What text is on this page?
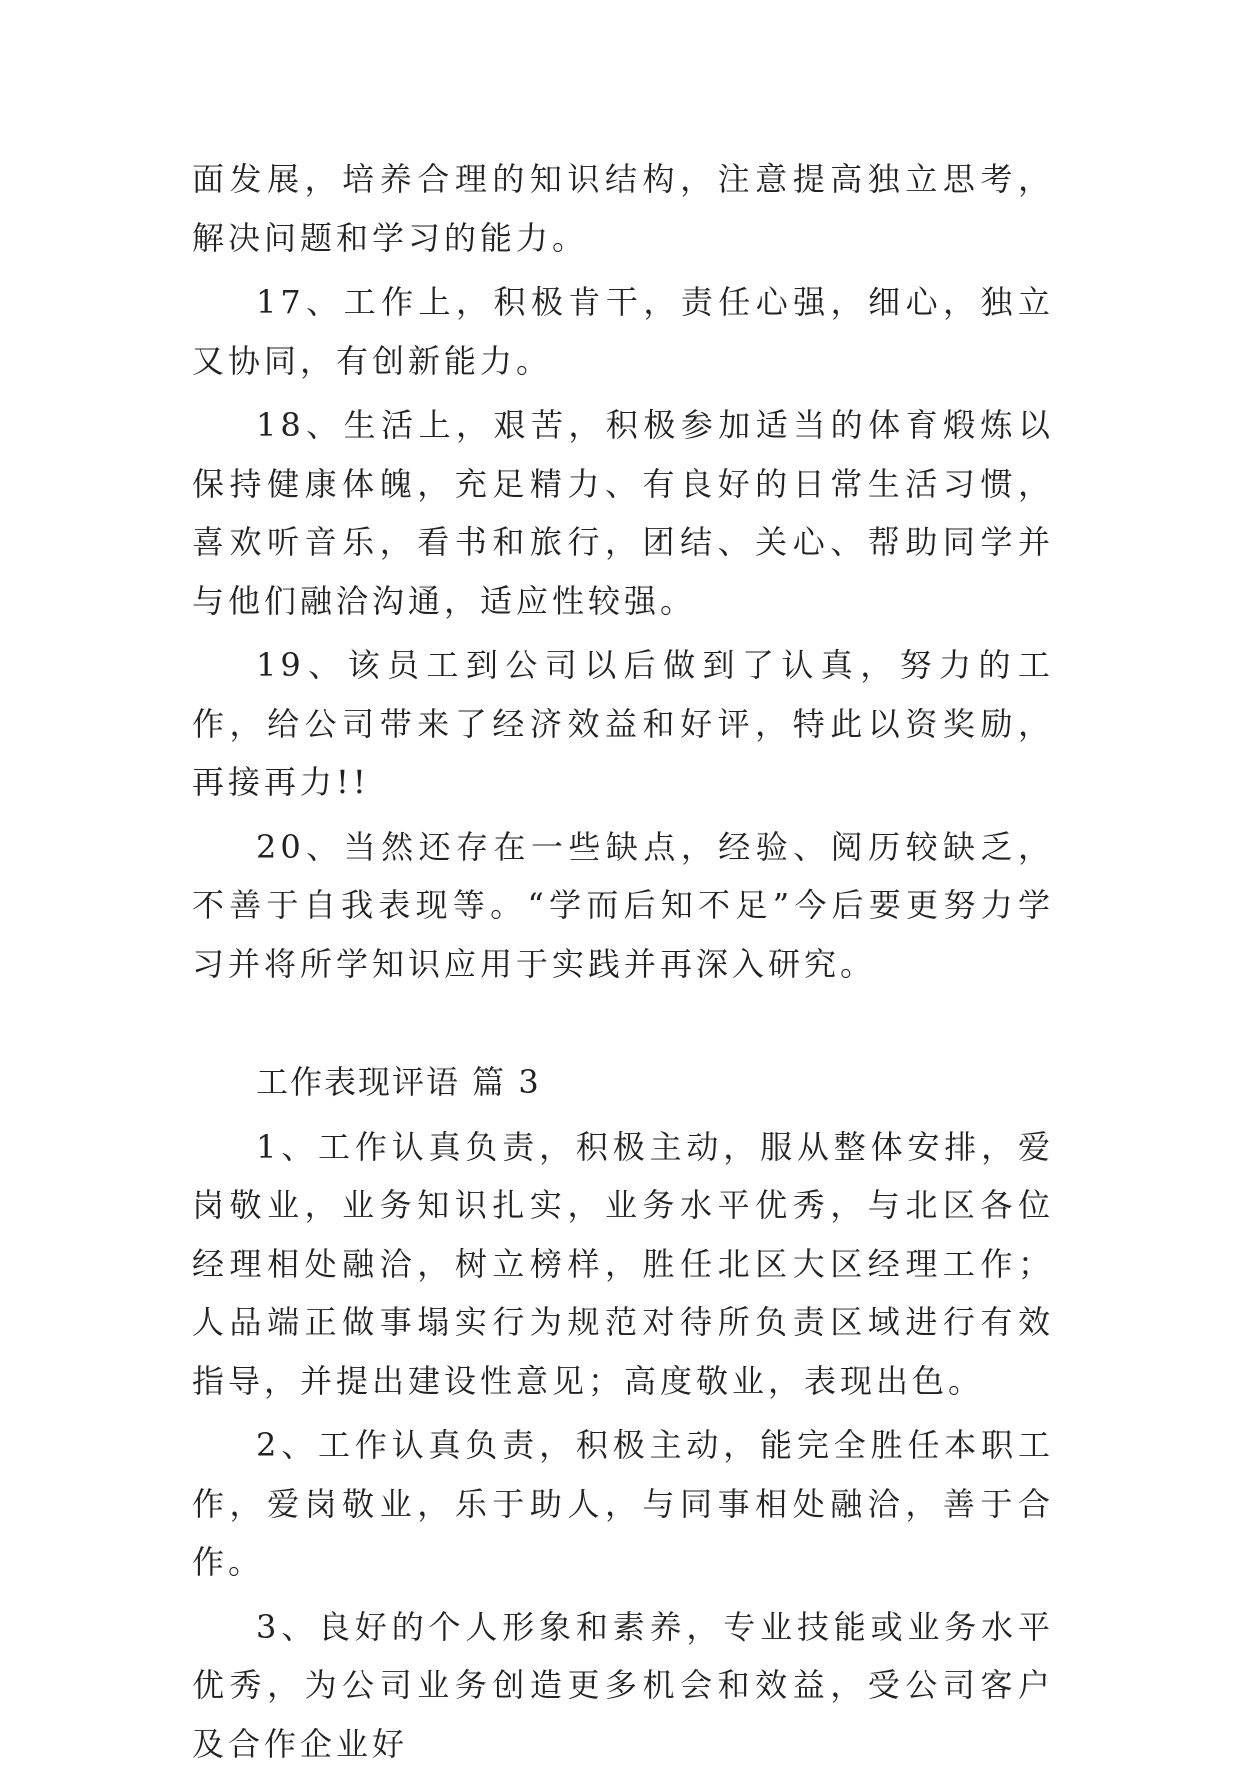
面发展，培养合理的知识结构，注意提高独立思考，解决问题和学习的能力。

17、工作上，积极肯干，责任心强，细心，独立又协同，有创新能力。

18、生活上，艰苦，积极参加适当的体育煅炼以保持健康体魄，充足精力、有良好的日常生活习惯，喜欢听音乐，看书和旅行，团结、关心、帮助同学并与他们融洽沟通，适应性较强。

19、该员工到公司以后做到了认真，努力的工作，给公司带来了经济效益和好评，特此以资奖励，再接再力!!

20、当然还存在一些缺点，经验、阅历较缺乏，不善于自我表现等。“学而后知不足”今后要更努力学习并将所学知识应用于实践并再深入研究。

工作表现评语 篇 3

1、工作认真负责，积极主动，服从整体安排，爱岗敬业，业务知识扎实，业务水平优秀，与北区各位经理相处融洽，树立榜样，胜任北区大区经理工作；人品端正做事塌实行为规范对待所负责区域进行有效指导，并提出建设性意见；高度敬业，表现出色。

2、工作认真负责，积极主动，能完全胜任本职工作，爱岗敬业，乐于助人，与同事相处融洽，善于合作。

3、良好的个人形象和素养，专业技能或业务水平优秀，为公司业务创造更多机会和效益，受公司客户及合作企业好
